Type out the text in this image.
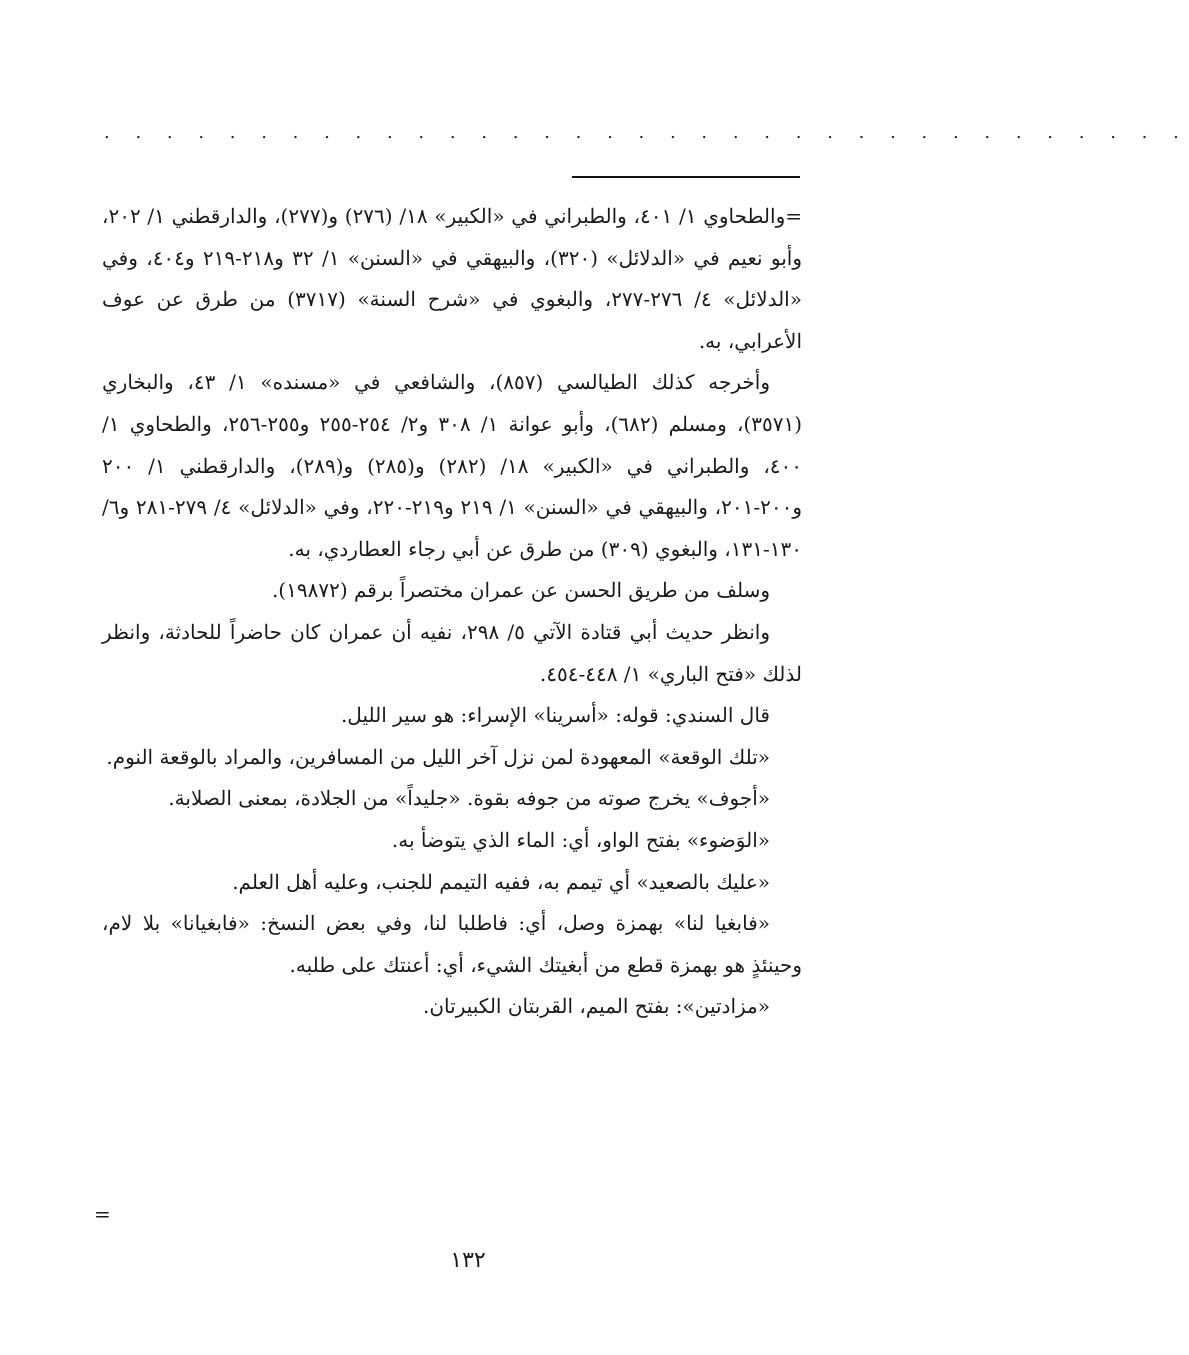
. . . . . . . . . . . . . . . . . . . . . . . . . . . . . . . . . . .

=والطحاوي ١/ ٤٠١، والطبراني في «الكبير» ١٨/ (٢٧٦) و(٢٧٧)، والدارقطني ١/ ٢٠٢، وأبو نعيم في «الدلائل» (٣٢٠)، والبيهقي في «السنن» ١/ ٣٢ و٢١٨-٢١٩ و٤٠٤، وفي «الدلائل» ٤/ ٢٧٦-٢٧٧، والبغوي في «شرح السنة» (٣٧١٧) من طرق عن عوف الأعرابي، به.

وأخرجه كذلك الطيالسي (٨٥٧)، والشافعي في «مسنده» ١/ ٤٣، والبخاري (٣٥٧١)، ومسلم (٦٨٢)، وأبو عوانة ١/ ٣٠٨ و٢/ ٢٥٤-٢٥٥ و٢٥٥-٢٥٦، والطحاوي ١/ ٤٠٠، والطبراني في «الكبير» ١٨/ (٢٨٢) و(٢٨٥) و(٢٨٩)، والدارقطني ١/ ٢٠٠ و٢٠٠-٢٠١، والبيهقي في «السنن» ١/ ٢١٩ و٢١٩-٢٢٠، وفي «الدلائل» ٤/ ٢٧٩-٢٨١ و٦/ ١٣٠-١٣١، والبغوي (٣٠٩) من طرق عن أبي رجاء العطاردي، به.

وسلف من طريق الحسن عن عمران مختصراً برقم (١٩٨٧٢).

وانظر حديث أبي قتادة الآتي ٥/ ٢٩٨، نفيه أن عمران كان حاضراً للحادثة، وانظر لذلك «فتح الباري» ١/ ٤٤٨-٤٥٤.

قال السندي: قوله: «أسرينا» الإسراء: هو سير الليل.

«تلك الوقعة» المعهودة لمن نزل آخر الليل من المسافرين، والمراد بالوقعة النوم.

«أجوف» يخرج صوته من جوفه بقوة. «جليداً» من الجلادة، بمعنى الصلابة.

«الوَضوء» بفتح الواو، أي: الماء الذي يتوضأ به.

«عليك بالصعيد» أي تيمم به، ففيه التيمم للجنب، وعليه أهل العلم.

«فابغيا لنا» بهمزة وصل، أي: فاطلبا لنا، وفي بعض النسخ: «فابغيانا» بلا لام، وحينئذٍ هو بهمزة قطع من أبغيتك الشيء، أي: أعنتك على طلبه.

«مزادتين»: بفتح الميم، القربتان الكبيرتان.

=
١٣٢
